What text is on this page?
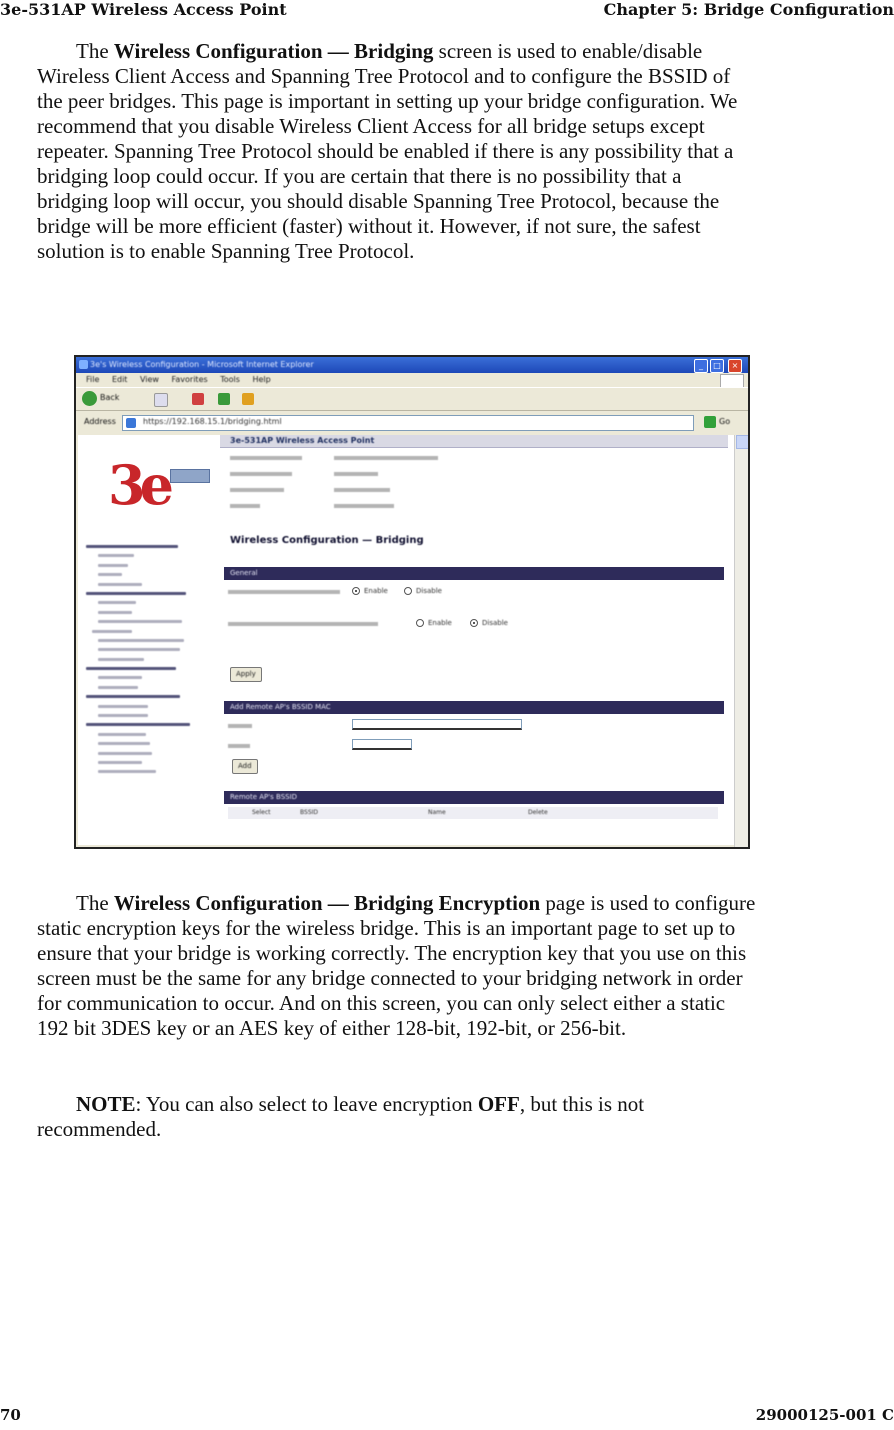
3e-531AP Wireless Access Point	Chapter 5: Bridge Configuration

The Wireless Configuration — Bridging screen is used to enable/disable Wireless Client Access and Spanning Tree Protocol and to configure the BSSID of the peer bridges. This page is important in setting up your bridge configuration. We recommend that you disable Wireless Client Access for all bridge setups except repeater. Spanning Tree Protocol should be enabled if there is any possibility that a bridging loop could occur. If you are certain that there is no possibility that a bridging loop will occur, you should disable Spanning Tree Protocol, because the bridge will be more efficient (faster) without it. However, if not sure, the safest solution is to enable Spanning Tree Protocol.

3e's Wireless Configuration - Microsoft Internet Explorer	_	□	×
File Edit View Favorites Tools Help
Back
Address	https://192.168.15.1/bridging.html	Go
3e
3e-531AP Wireless Access Point
Wireless Configuration — Bridging
General
Enable	Disable
Enable	Disable
Apply
Add Remote AP's BSSID MAC
Add
Remote AP's BSSID
Select	BSSID	Name	Delete

The Wireless Configuration — Bridging Encryption page is used to configure static encryption keys for the wireless bridge. This is an important page to set up to ensure that your bridge is working correctly. The encryption key that you use on this screen must be the same for any bridge connected to your bridging network in order for communication to occur. And on this screen, you can only select either a static 192 bit 3DES key or an AES key of either 128-bit, 192-bit, or 256-bit.

NOTE: You can also select to leave encryption OFF, but this is not recommended.

70	29000125-001 C
